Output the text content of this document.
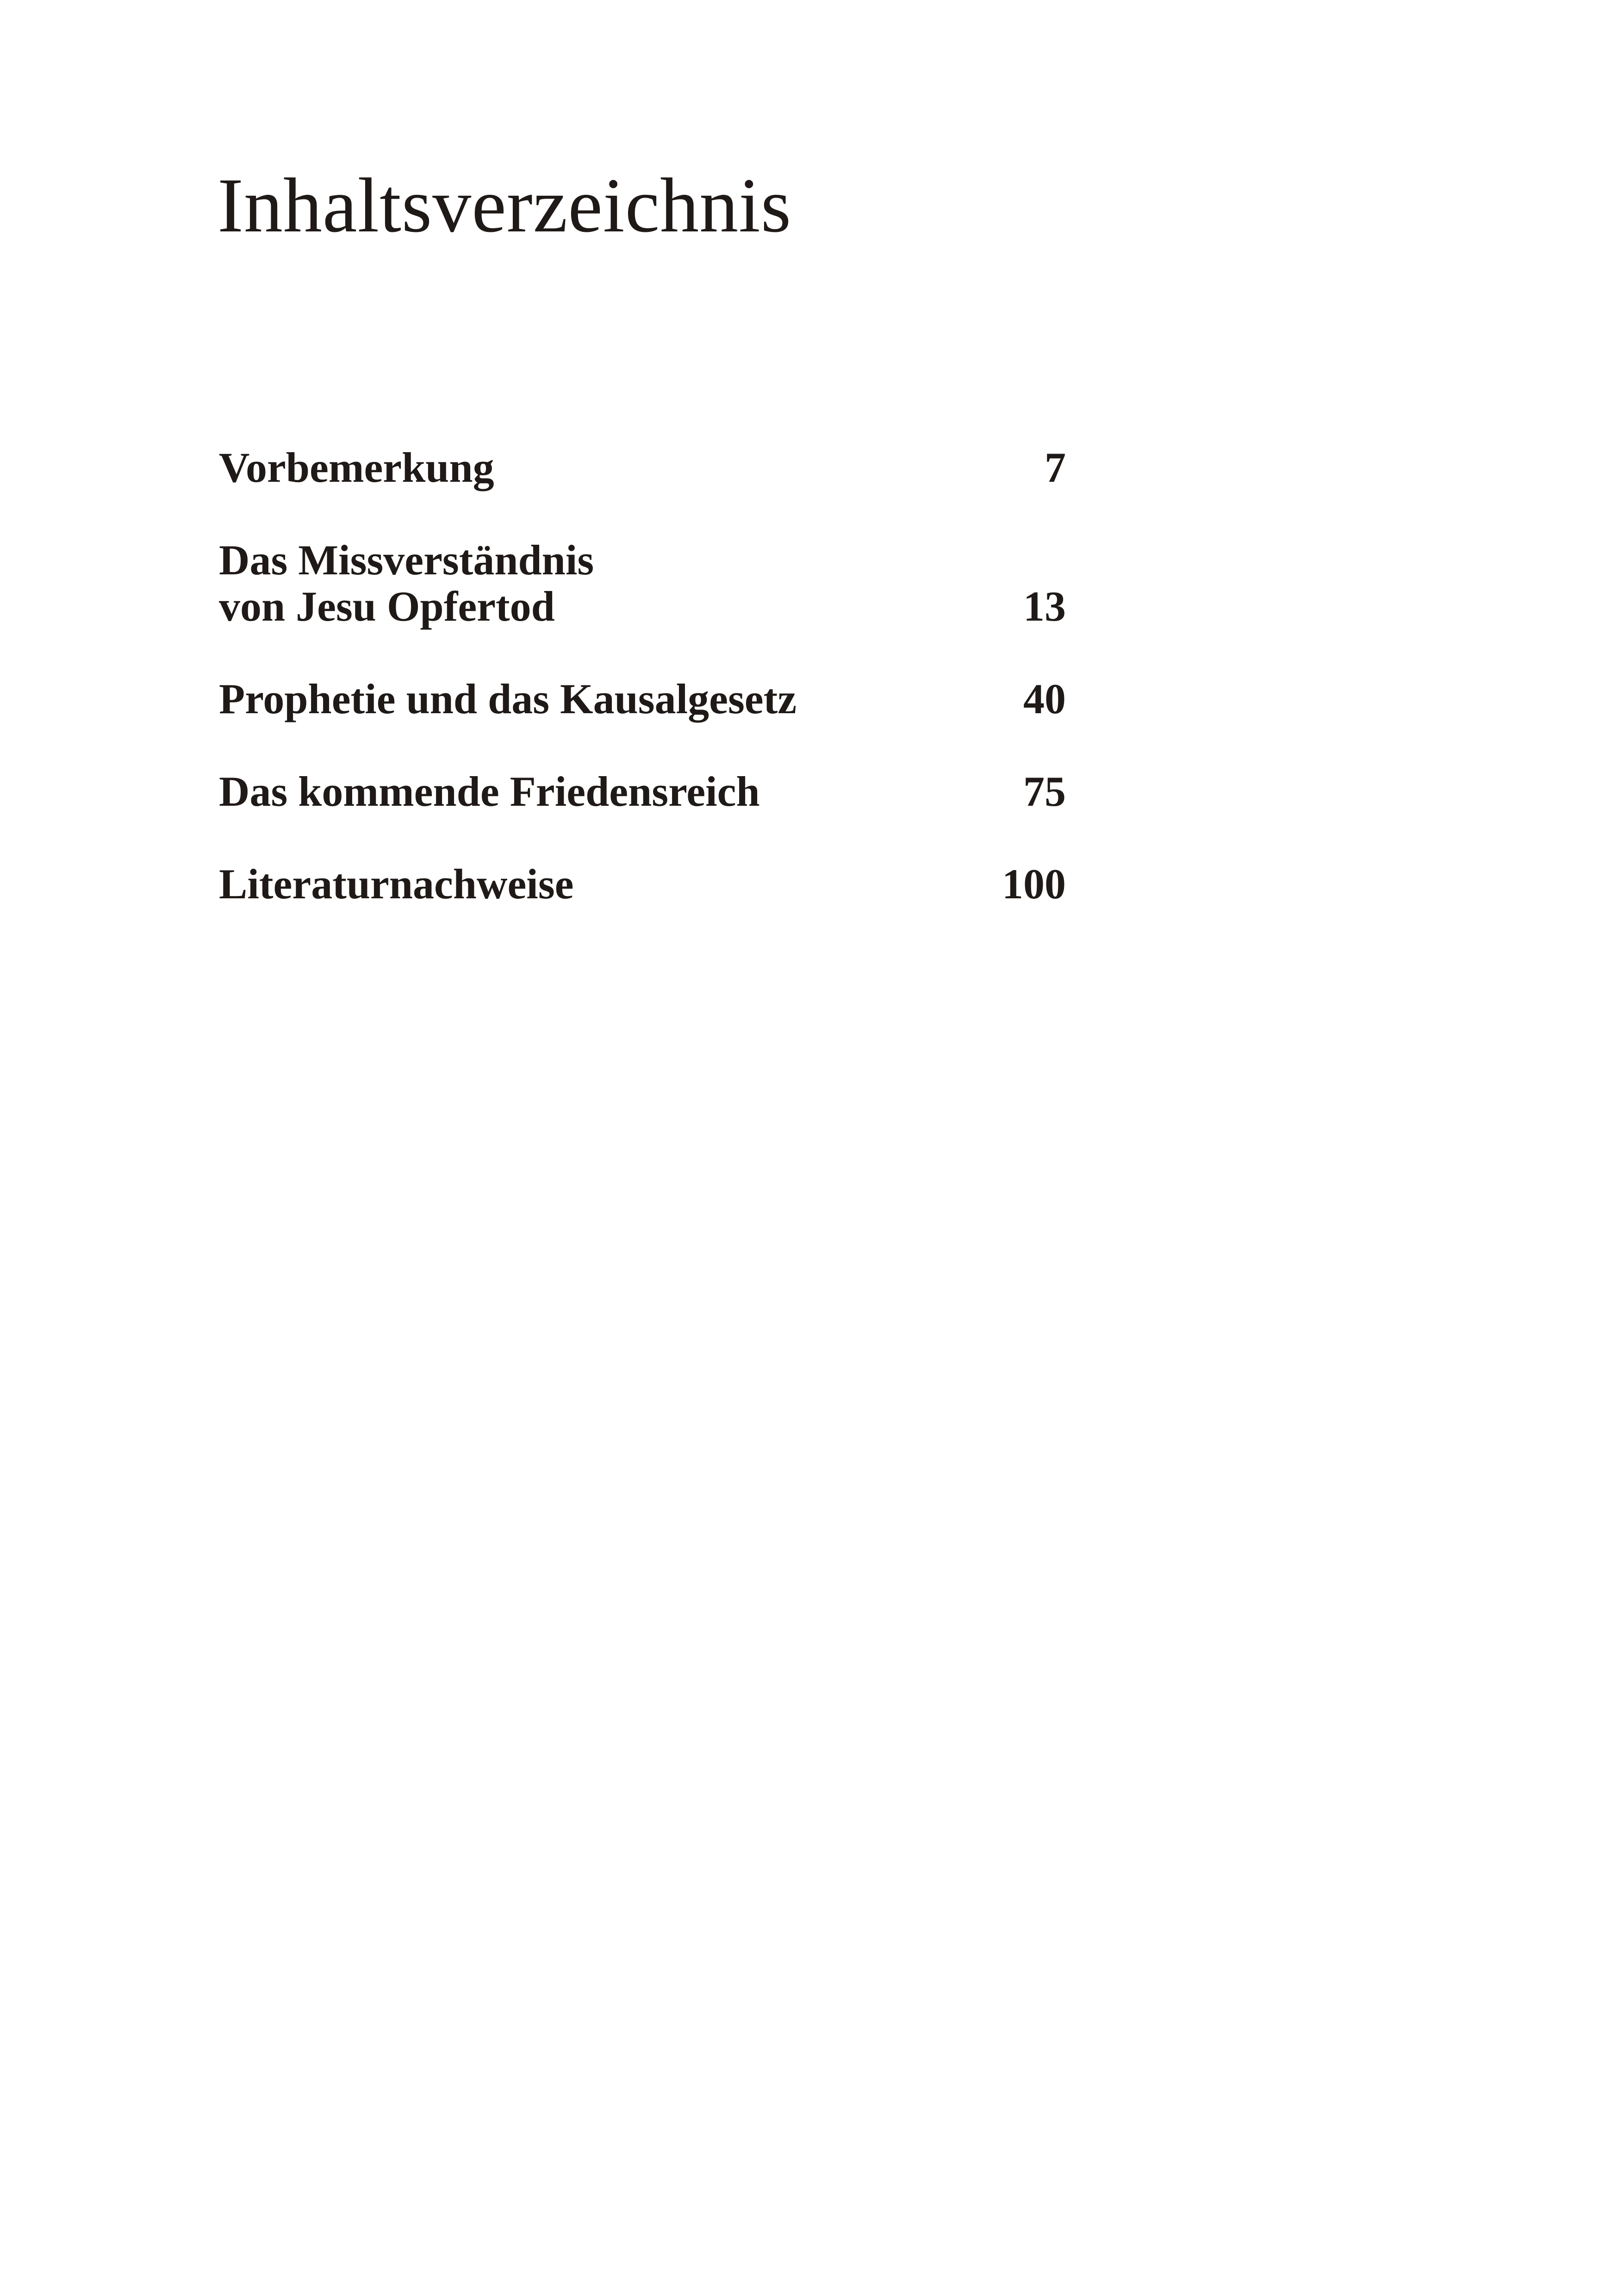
Inhaltsverzeichnis
Vorbemerkung	7
Das Missverständnis
von Jesu Opfertod	13
Prophetie und das Kausalgesetz	40
Das kommende Friedensreich	75
Literaturnachweise	100
